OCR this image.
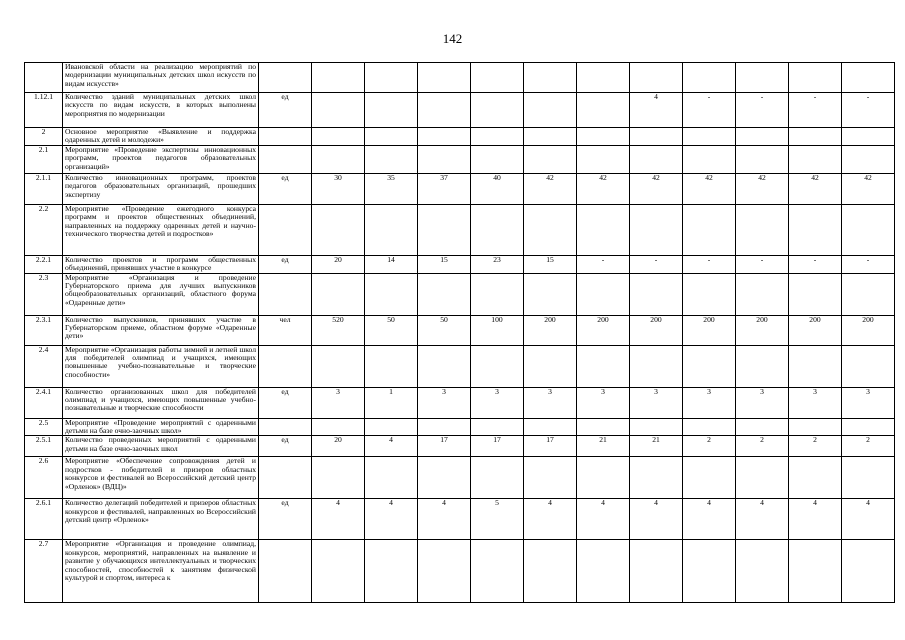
142
	Ивановской области на реализацию мероприятий по модернизации муниципальных детских школ искусств по видам искусств»												
1.12.1	Количество зданий муниципальных детских школ искусств по видам искусств, в которых выполнены мероприятия по модернизации	ед							4	-	-	-	-
2	Основное мероприятие «Выявление и поддержка одаренных детей и молодежи»												
2.1	Мероприятие «Проведение экспертизы инновационных программ, проектов педагогов образовательных организаций»												
2.1.1	Количество инновационных программ, проектов педагогов образовательных организаций, прошедших экспертизу	ед	30	35	37	40	42	42	42	42	42	42	42
2.2	Мероприятие «Проведение ежегодного конкурса программ и проектов общественных объединений, направленных на поддержку одаренных детей и научно-технического творчества детей и подростков»												
2.2.1	Количество проектов и программ общественных объединений, принявших участие в конкурсе	ед	20	14	15	23	15	-	-	-	-	-	-
2.3	Мероприятие «Организация и проведение Губернаторского приема для лучших выпускников общеобразовательных организаций, областного форума «Одаренные дети»												
2.3.1	Количество выпускников, принявших участие в Губернаторском приеме, областном форуме «Одаренные дети»	чел	520	50	50	100	200	200	200	200	200	200	200
2.4	Мероприятие «Организация работы зимней и летней школ для победителей олимпиад и учащихся, имеющих повышенные учебно-познавательные и творческие способности»												
2.4.1	Количество организованных школ для победителей олимпиад и учащихся, имеющих повышенные учебно-познавательные и творческие способности	ед	3	1	3	3	3	3	3	3	3	3	3
2.5	Мероприятие «Проведение мероприятий с одаренными детьми на базе очно-заочных школ»												
2.5.1	Количество проведенных мероприятий с одаренными детьми на базе очно-заочных школ	ед	20	4	17	17	17	21	21	2	2	2	2
2.6	Мероприятие «Обеспечение сопровождения детей и подростков - победителей и призеров областных конкурсов и фестивалей во Всероссийский детский центр «Орленок» (ВДЦ)»												
2.6.1	Количество делегаций победителей и призеров областных конкурсов и фестивалей, направленных во Всероссийский детский центр «Орленок»	ед	4	4	4	5	4	4	4	4	4	4	4
2.7	Мероприятие «Организация и проведение олимпиад, конкурсов, мероприятий, направленных на выявление и развитие у обучающихся интеллектуальных и творческих способностей, способностей к занятиям физической культурой и спортом, интереса к												
